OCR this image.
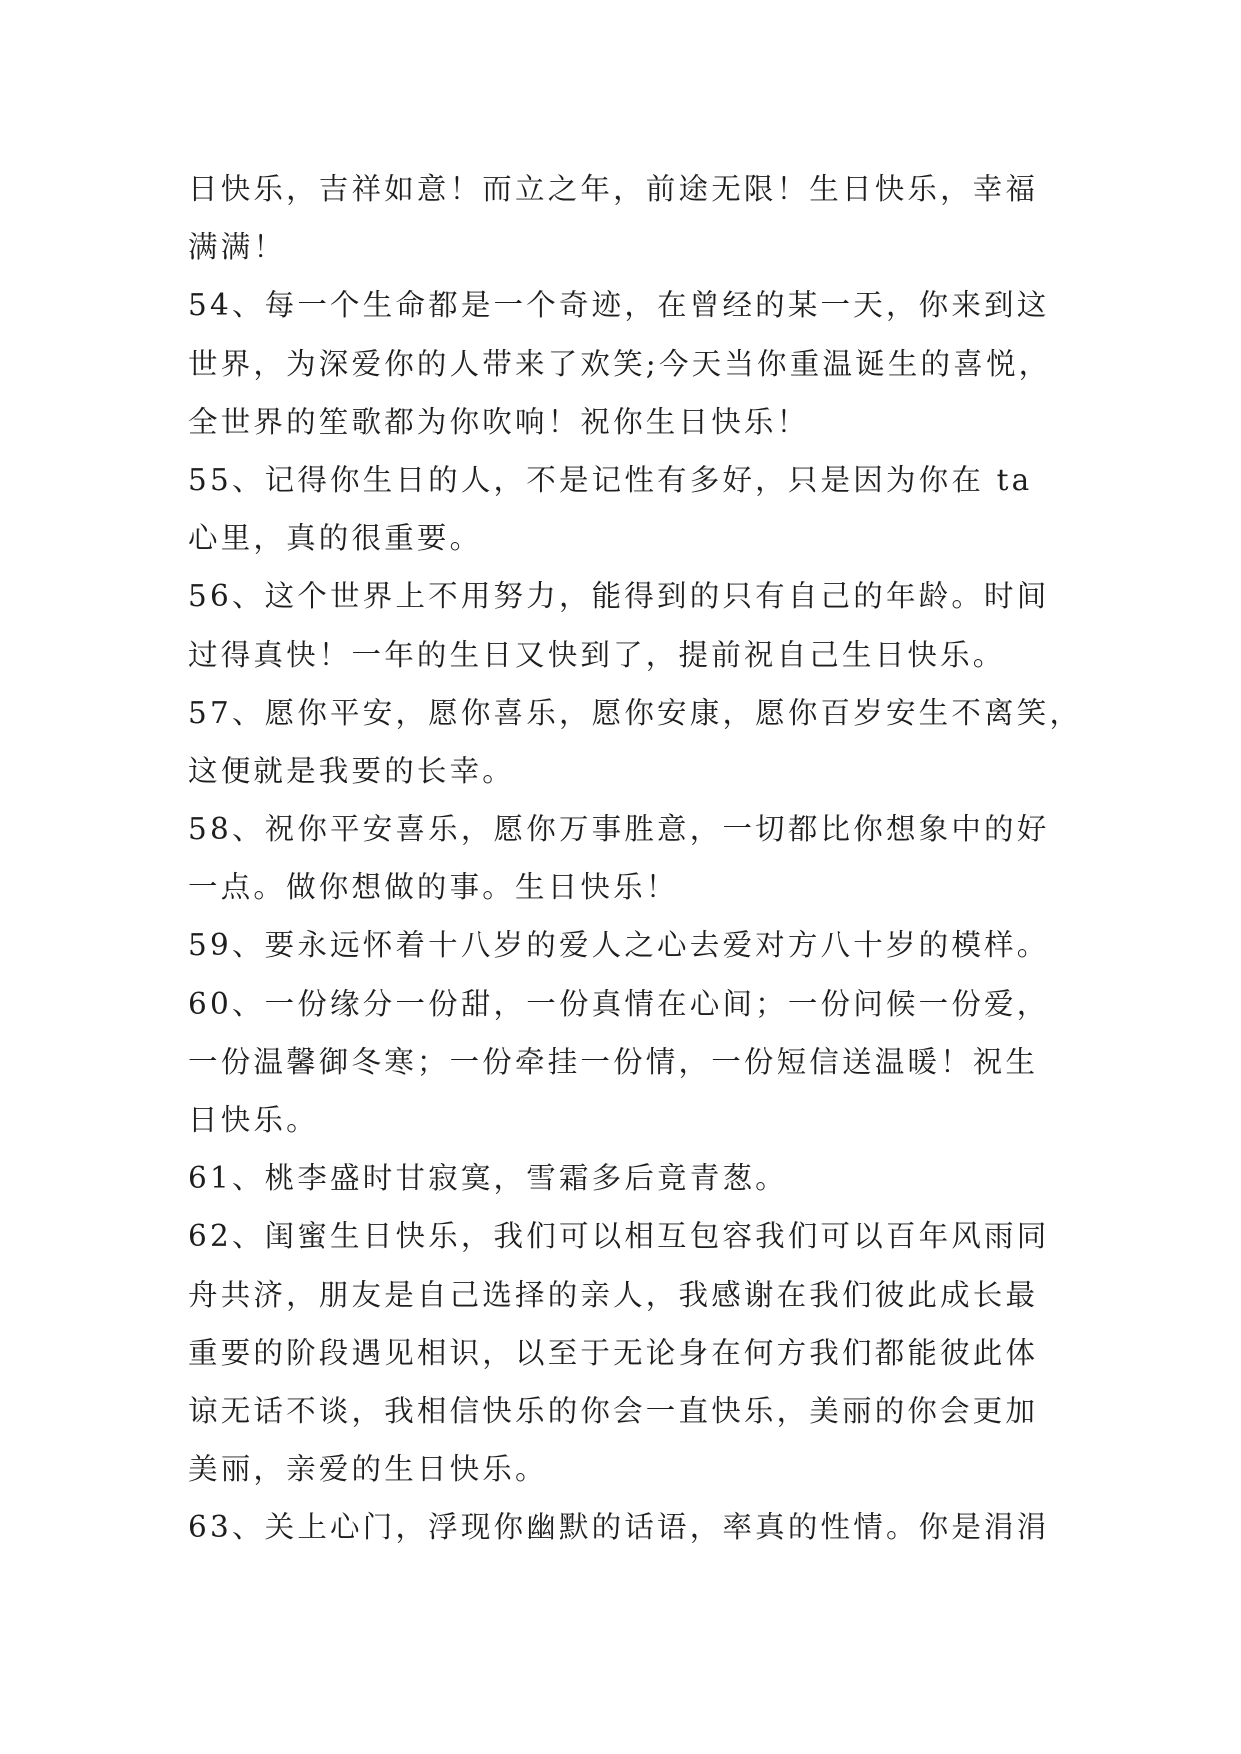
日快乐，吉祥如意！而立之年，前途无限！生日快乐，幸福
满满！
54、每一个生命都是一个奇迹，在曾经的某一天，你来到这
世界，为深爱你的人带来了欢笑;今天当你重温诞生的喜悦，
全世界的笙歌都为你吹响！祝你生日快乐！
55、记得你生日的人，不是记性有多好，只是因为你在 ta
心里，真的很重要。
56、这个世界上不用努力，能得到的只有自己的年龄。时间
过得真快！一年的生日又快到了，提前祝自己生日快乐。
57、愿你平安，愿你喜乐，愿你安康，愿你百岁安生不离笑，
这便就是我要的长幸。
58、祝你平安喜乐，愿你万事胜意，一切都比你想象中的好
一点。做你想做的事。生日快乐！
59、要永远怀着十八岁的爱人之心去爱对方八十岁的模样。
60、一份缘分一份甜，一份真情在心间；一份问候一份爱，
一份温馨御冬寒；一份牵挂一份情，一份短信送温暖！祝生
日快乐。
61、桃李盛时甘寂寞，雪霜多后竟青葱。
62、闺蜜生日快乐，我们可以相互包容我们可以百年风雨同
舟共济，朋友是自己选择的亲人，我感谢在我们彼此成长最
重要的阶段遇见相识，以至于无论身在何方我们都能彼此体
谅无话不谈，我相信快乐的你会一直快乐，美丽的你会更加
美丽，亲爱的生日快乐。
63、关上心门，浮现你幽默的话语，率真的性情。你是涓涓
